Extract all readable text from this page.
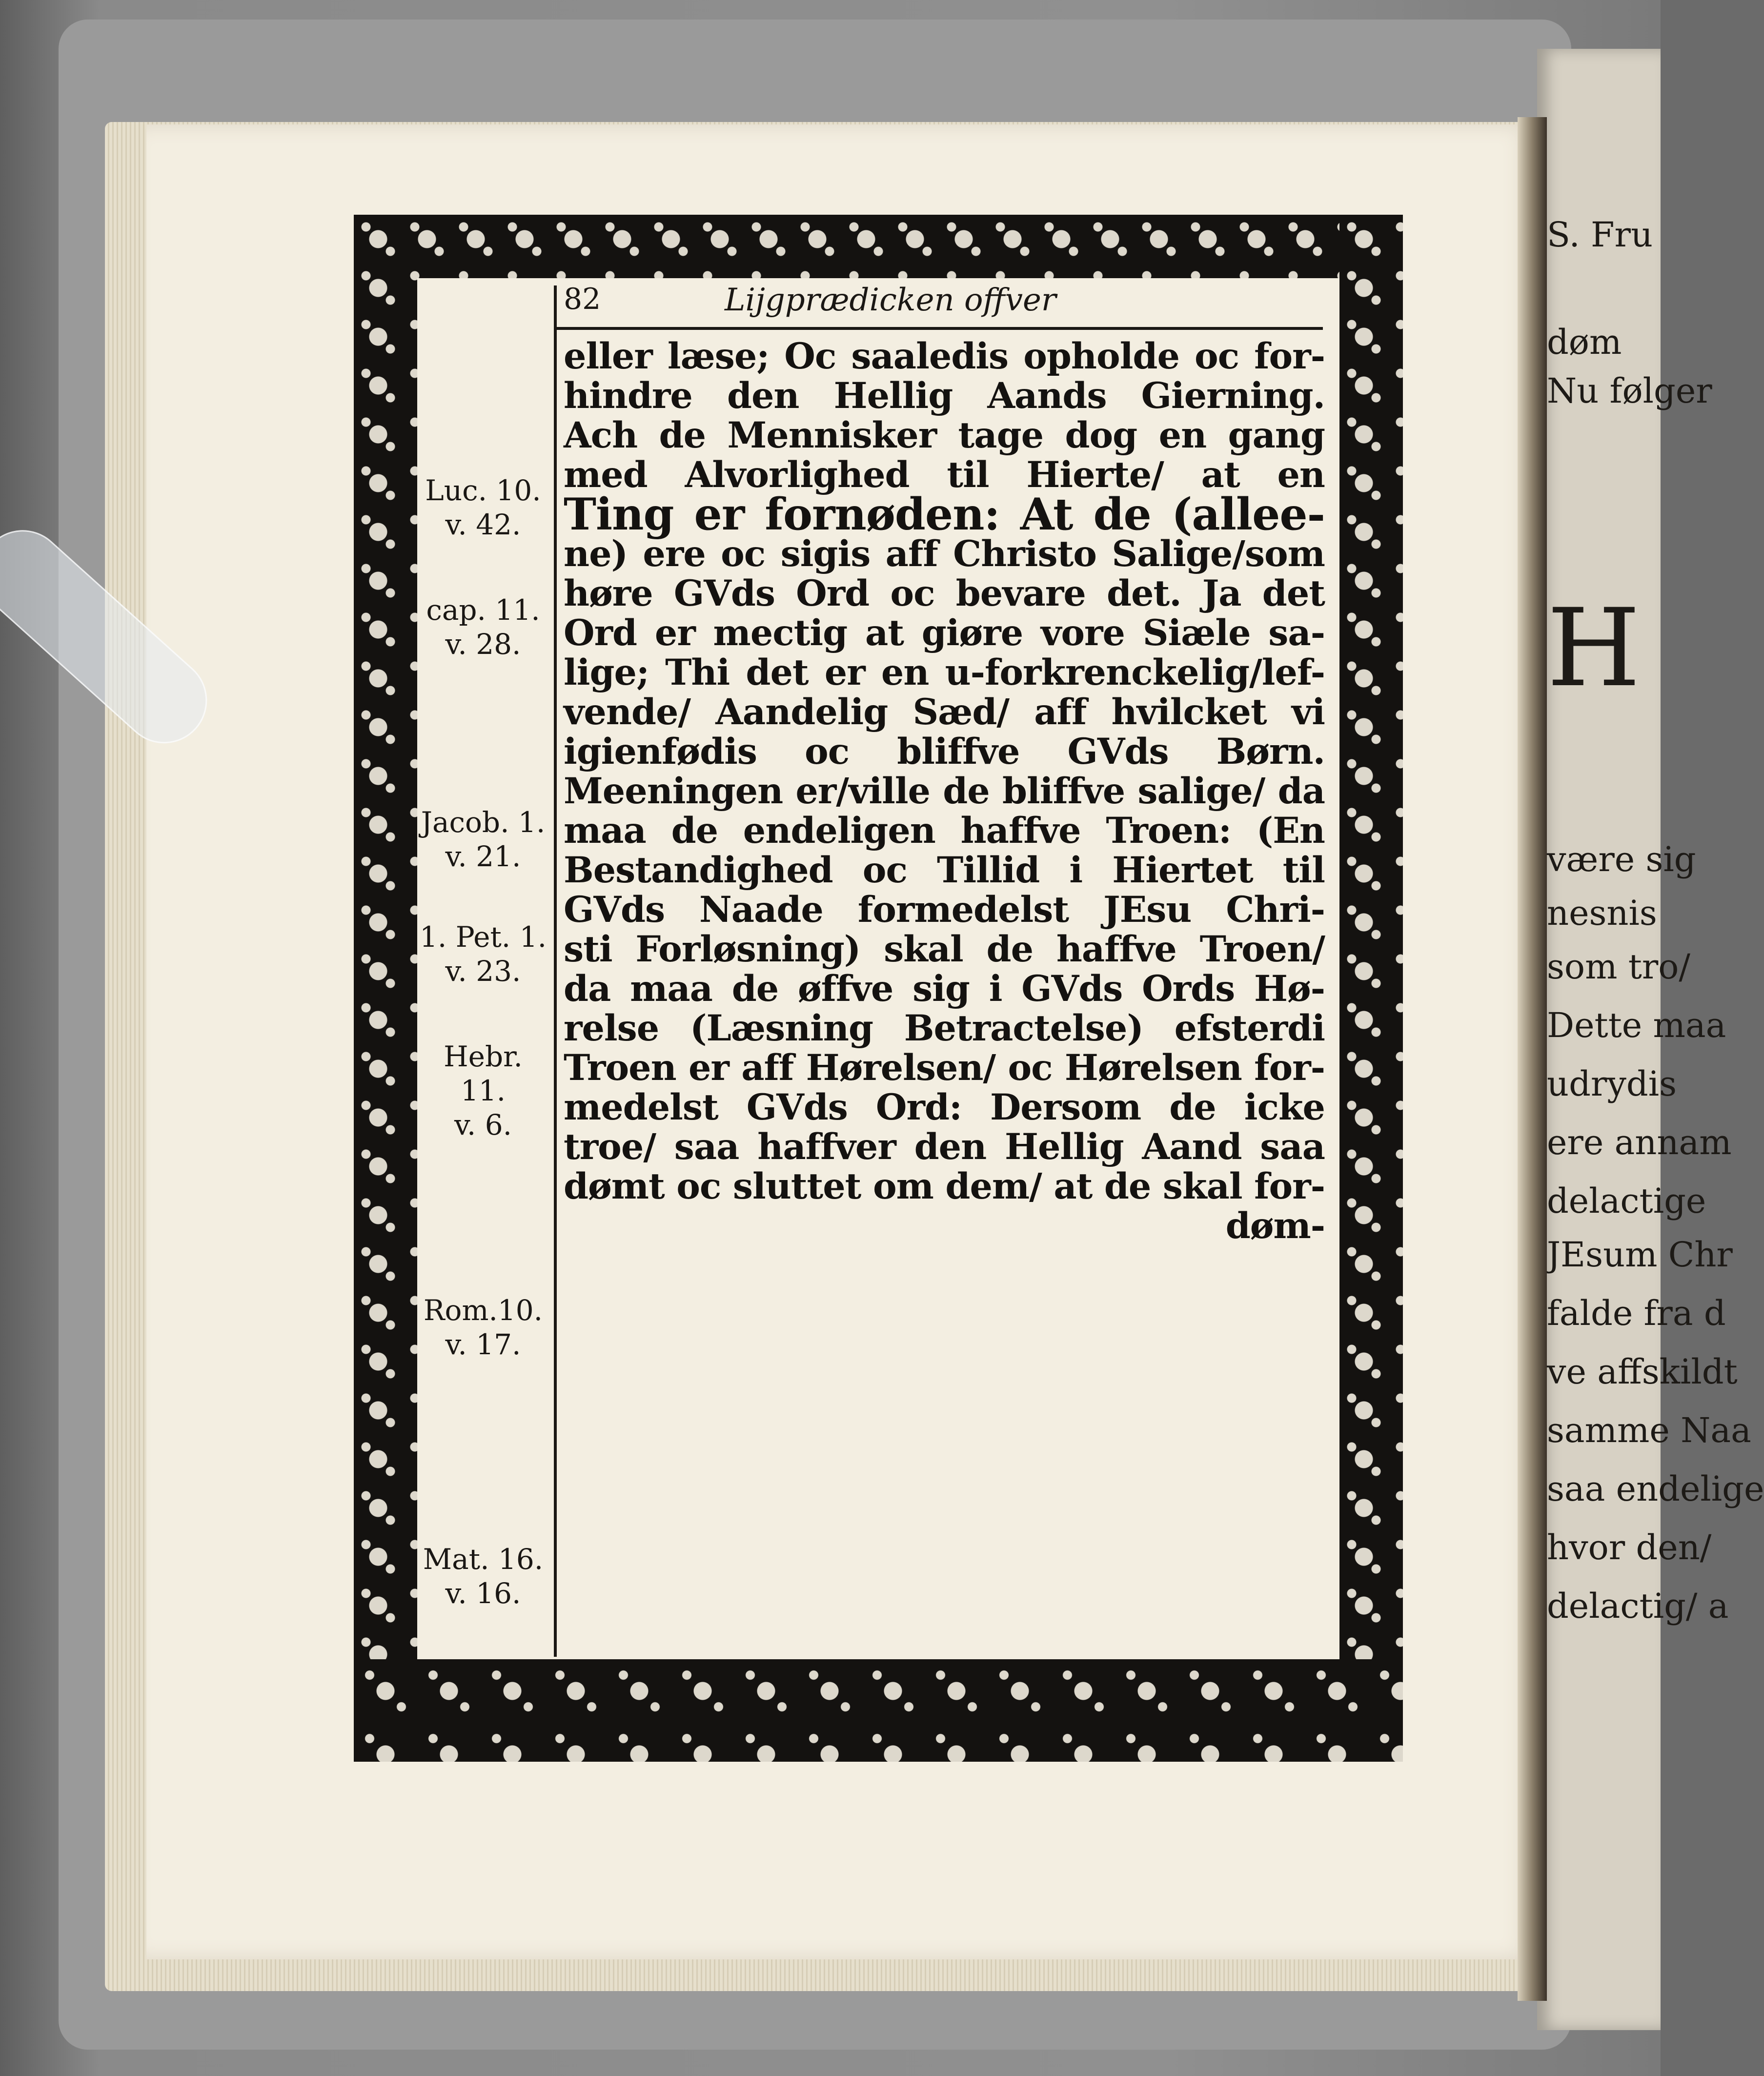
S. Fru
døm
Nu følger
H
være sig
nesnis
som tro/
Dette maa
udrydis
ere annam
delactige
JEsum Chr
falde fra d
ve affskildt
samme Naa
saa endelige
hvor den/
delactig/ a
82	Lijgprædicken offver
Luc. 10.
v. 42.
cap. 11.
v. 28.
Jacob. 1.
v. 21.
1. Pet. 1.
v. 23.
Hebr. 11.
v. 6.
Rom.10.
v. 17.
Mat. 16.
v. 16.
eller læse; Oc saaledis opholde oc for-
hindre den Hellig Aands Gierning.
Ach de Mennisker tage dog en gang
med Alvorlighed til Hierte/ at en
Ting er fornøden: At de (allee-
ne) ere oc sigis aff Christo Salige/som
høre GVds Ord oc bevare det. Ja det
Ord er mectig at giøre vore Siæle sa-
lige; Thi det er en u-forkrenckelig/lef-
vende/ Aandelig Sæd/ aff hvilcket vi
igienfødis oc bliffve GVds Børn.
Meeningen er/ville de bliffve salige/ da
maa de endeligen haffve Troen: (En
Bestandighed oc Tillid i Hiertet til
GVds Naade formedelst JEsu Chri-
sti Forløsning) skal de haffve Troen/
da maa de øffve sig i GVds Ords Hø-
relse (Læsning Betractelse) efsterdi
Troen er aff Hørelsen/ oc Hørelsen for-
medelst GVds Ord: Dersom de icke
troe/ saa haffver den Hellig Aand saa
dømt oc sluttet om dem/ at de skal for-
døm-
